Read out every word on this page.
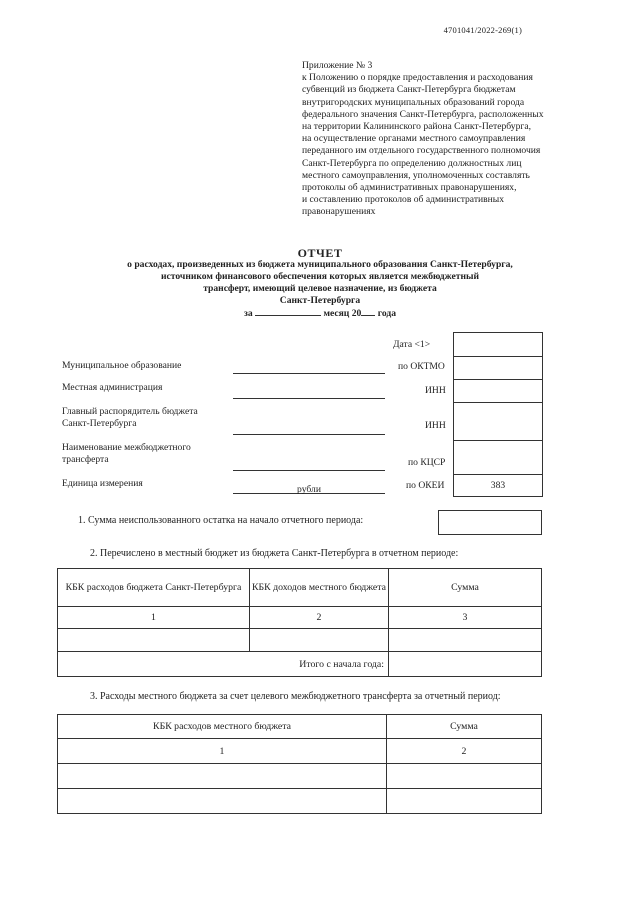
4701041/2022-269(1)
Приложение № 3
к Положению о порядке предоставления и расходования
субвенций из бюджета Санкт-Петербурга бюджетам
внутригородских муниципальных образований города
федерального значения Санкт-Петербурга, расположенных
на территории Калининского района Санкт-Петербурга,
на осуществление органами местного самоуправления
переданного им отдельного государственного полномочия
Санкт-Петербурга по определению должностных лиц
местного самоуправления, уполномоченных составлять
протоколы об административных правонарушениях,
и составлению протоколов об административных
правонарушениях
ОТЧЕТ
о расходах, произведенных из бюджета муниципального образования Санкт-Петербурга,
источником финансового обеспечения которых является межбюджетный
трансферт, имеющий целевое назначение, из бюджета
Санкт-Петербурга
за	месяц 20 года
Дата <1>
Муниципальное образование	по ОКТМО
Местная администрация	ИНН
Главный распорядитель бюджета
Санкт-Петербурга	ИНН
Наименование межбюджетного
трансферта	по КЦСР
Единица измерения
рубли	по ОКЕИ	383
1. Сумма неиспользованного остатка на начало отчетного периода:
2. Перечислено в местный бюджет из бюджета Санкт-Петербурга в отчетном периоде:
КБК расходов бюджета Санкт-Петербурга	КБК доходов местного бюджета	Сумма
1	2	3

Итого с начала года:		
3. Расходы местного бюджета за счет целевого межбюджетного трансферта за отчетный период:
КБК расходов местного бюджета	Сумма
1	2
